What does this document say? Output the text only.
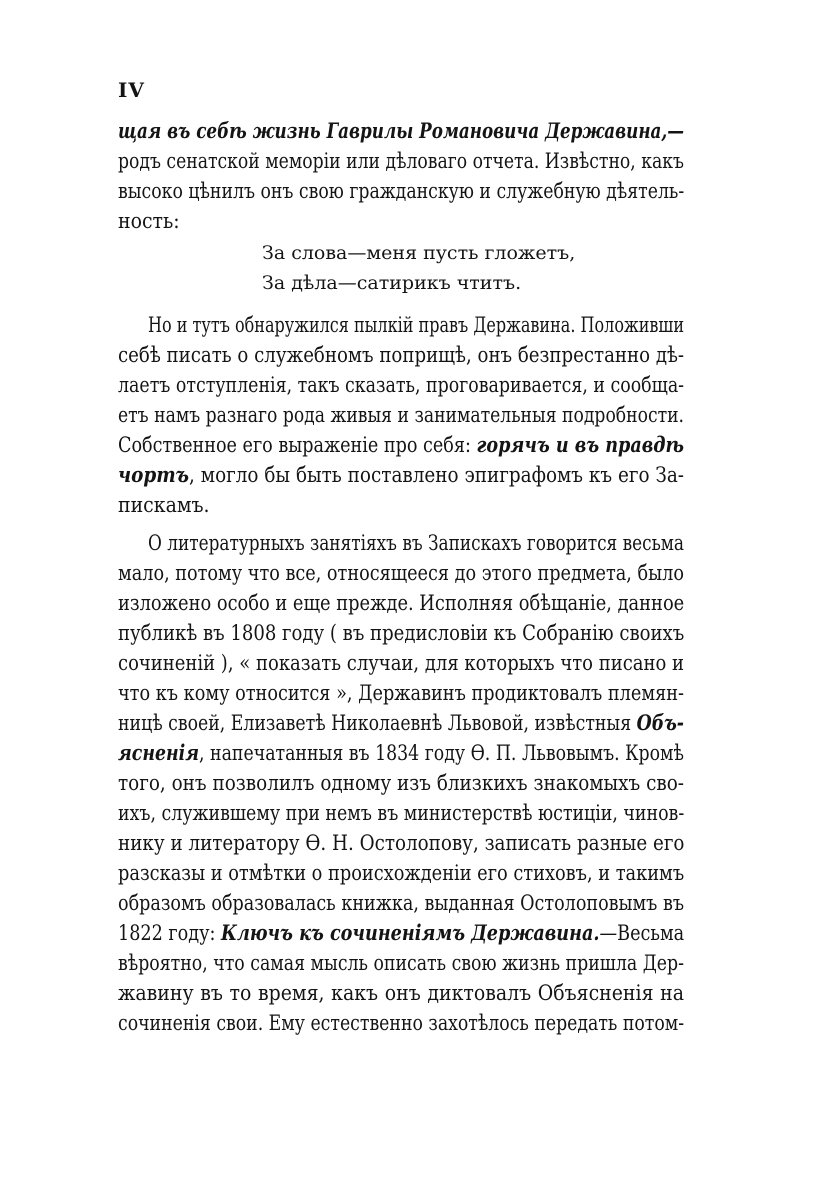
IV
щая въ себѣ жизнь Гаврилы Романовича Державина,—
родъ сенатской меморіи или дѣловаго отчета. Извѣстно, какъ
высоко цѣнилъ онъ свою гражданскую и служебную дѣятель-
ность:
За слова—меня пусть гложетъ,
За дѣла—сатирикъ чтитъ.
Но и тутъ обнаружился пылкій правъ Державина. Положивши
себѣ писать о служебномъ поприщѣ, онъ безпрестанно дѣ-
лаетъ отступленія, такъ сказать, проговаривается, и сообща-
етъ намъ разнаго рода живыя и занимательныя подробности.
Собственное его выраженіе про себя: горячъ и въ правдѣ
чортъ, могло бы быть поставлено эпиграфомъ къ его За-
пискамъ.
О литературныхъ занятіяхъ въ Запискахъ говорится весьма
мало, потому что все, относящееся до этого предмета, было
изложено особо и еще прежде. Исполняя обѣщаніе, данное
публикѣ въ 1808 году ( въ предисловіи къ Собранію своихъ
сочиненій ), « показать случаи, для которыхъ что писано и
что къ кому относится », Державинъ продиктовалъ племян-
ницѣ своей, Елизаветѣ Николаевнѣ Львовой, извѣстныя Объ-
ясненія, напечатанныя въ 1834 году Ѳ. П. Львовымъ. Кромѣ
того, онъ позволилъ одному изъ близкихъ знакомыхъ сво-
ихъ, служившему при немъ въ министерствѣ юстиціи, чинов-
нику и литератору Ѳ. Н. Остолопову, записать разные его
разсказы и отмѣтки о происхожденіи его стиховъ, и такимъ
образомъ образовалась книжка, выданная Остолоповымъ въ
1822 году: Ключъ къ сочиненіямъ Державина.—Весьма
вѣроятно, что самая мысль описать свою жизнь пришла Дер-
жавину въ то время, какъ онъ диктовалъ Объясненія на
сочиненія свои. Ему естественно захотѣлось передать потом-
